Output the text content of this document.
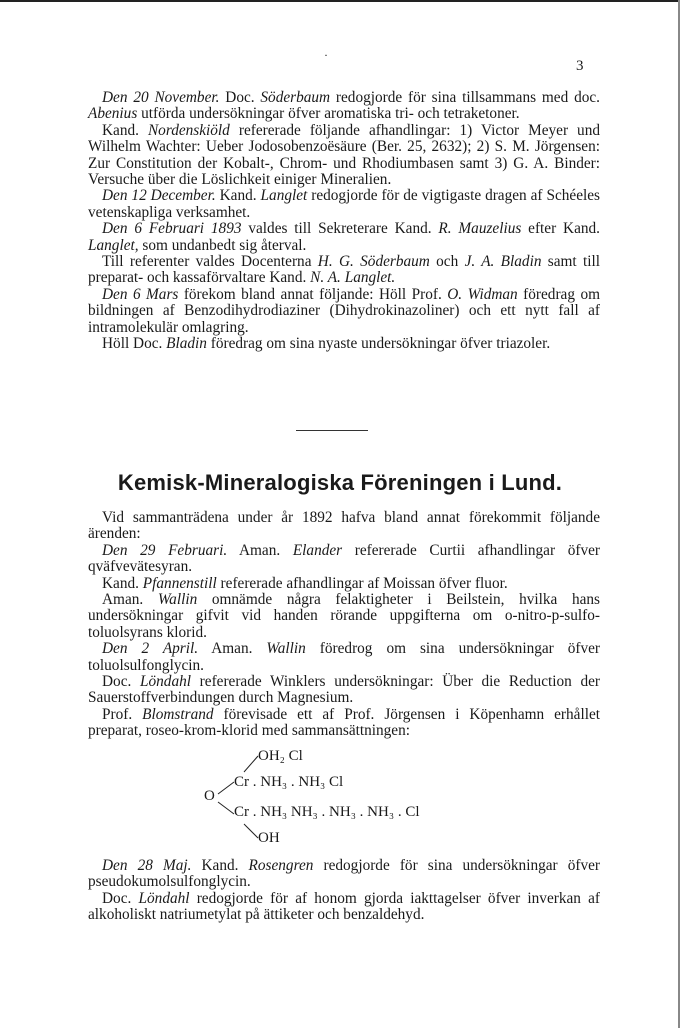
·
3

Den 20 November. Doc. Söderbaum redogjorde för sina tillsammans med doc. Abenius utförda undersökningar öfver aromatiska tri- och tetraketoner.

Kand. Nordenskiöld refererade följande afhandlingar: 1) Victor Meyer und Wilhelm Wachter: Ueber Jodosobenzoësäure (Ber. 25, 2632); 2) S. M. Jörgensen: Zur Constitution der Kobalt-, Chrom- und Rhodiumbasen samt 3) G. A. Binder: Versuche über die Löslichkeit einiger Mineralien.

Den 12 December. Kand. Langlet redogjorde för de vigtigaste dragen af Schéeles vetenskapliga verksamhet.

Den 6 Februari 1893 valdes till Sekreterare Kand. R. Mauzelius efter Kand. Langlet, som undanbedt sig återval.

Till referenter valdes Docenterna H. G. Söderbaum och J. A. Bladin samt till preparat- och kassaförvaltare Kand. N. A. Langlet.

Den 6 Mars förekom bland annat följande: Höll Prof. O. Widman föredrag om bildningen af Benzodihydrodiaziner (Dihydrokinazoliner) och ett nytt fall af intramolekulär omlagring.

Höll Doc. Bladin föredrag om sina nyaste undersökningar öfver triazoler.

Kemisk-Mineralogiska Föreningen i Lund.

Vid sammanträdena under år 1892 hafva bland annat förekommit följande ärenden:

Den 29 Februari. Aman. Elander refererade Curtii afhandlingar öfver qväfvevätesyran.

Kand. Pfannenstill refererade afhandlingar af Moissan öfver fluor.

Aman. Wallin omnämde några felaktigheter i Beilstein, hvilka hans undersökningar gifvit vid handen rörande uppgifterna om o-nitro-p-sulfo-toluolsyrans klorid.

Den 2 April. Aman. Wallin föredrog om sina undersökningar öfver toluolsulfonglycin.

Doc. Löndahl refererade Winklers undersökningar: Über die Reduction der Sauerstoffverbindungen durch Magnesium.

Prof. Blomstrand förevisade ett af Prof. Jörgensen i Köpenhamn erhållet preparat, roseo-krom-klorid med sammansättningen:

OH₂ Cl
Cr . NH₃ . NH₃ Cl
O
Cr . NH₃ NH₃ . NH₃ . NH₃ . Cl
OH

Den 28 Maj. Kand. Rosengren redogjorde för sina undersökningar öfver pseudokumolsulfonglycin.

Doc. Löndahl redogjorde för af honom gjorda iakttagelser öfver inverkan af alkoholiskt natriumetylat på ättiketer och benzaldehyd.
